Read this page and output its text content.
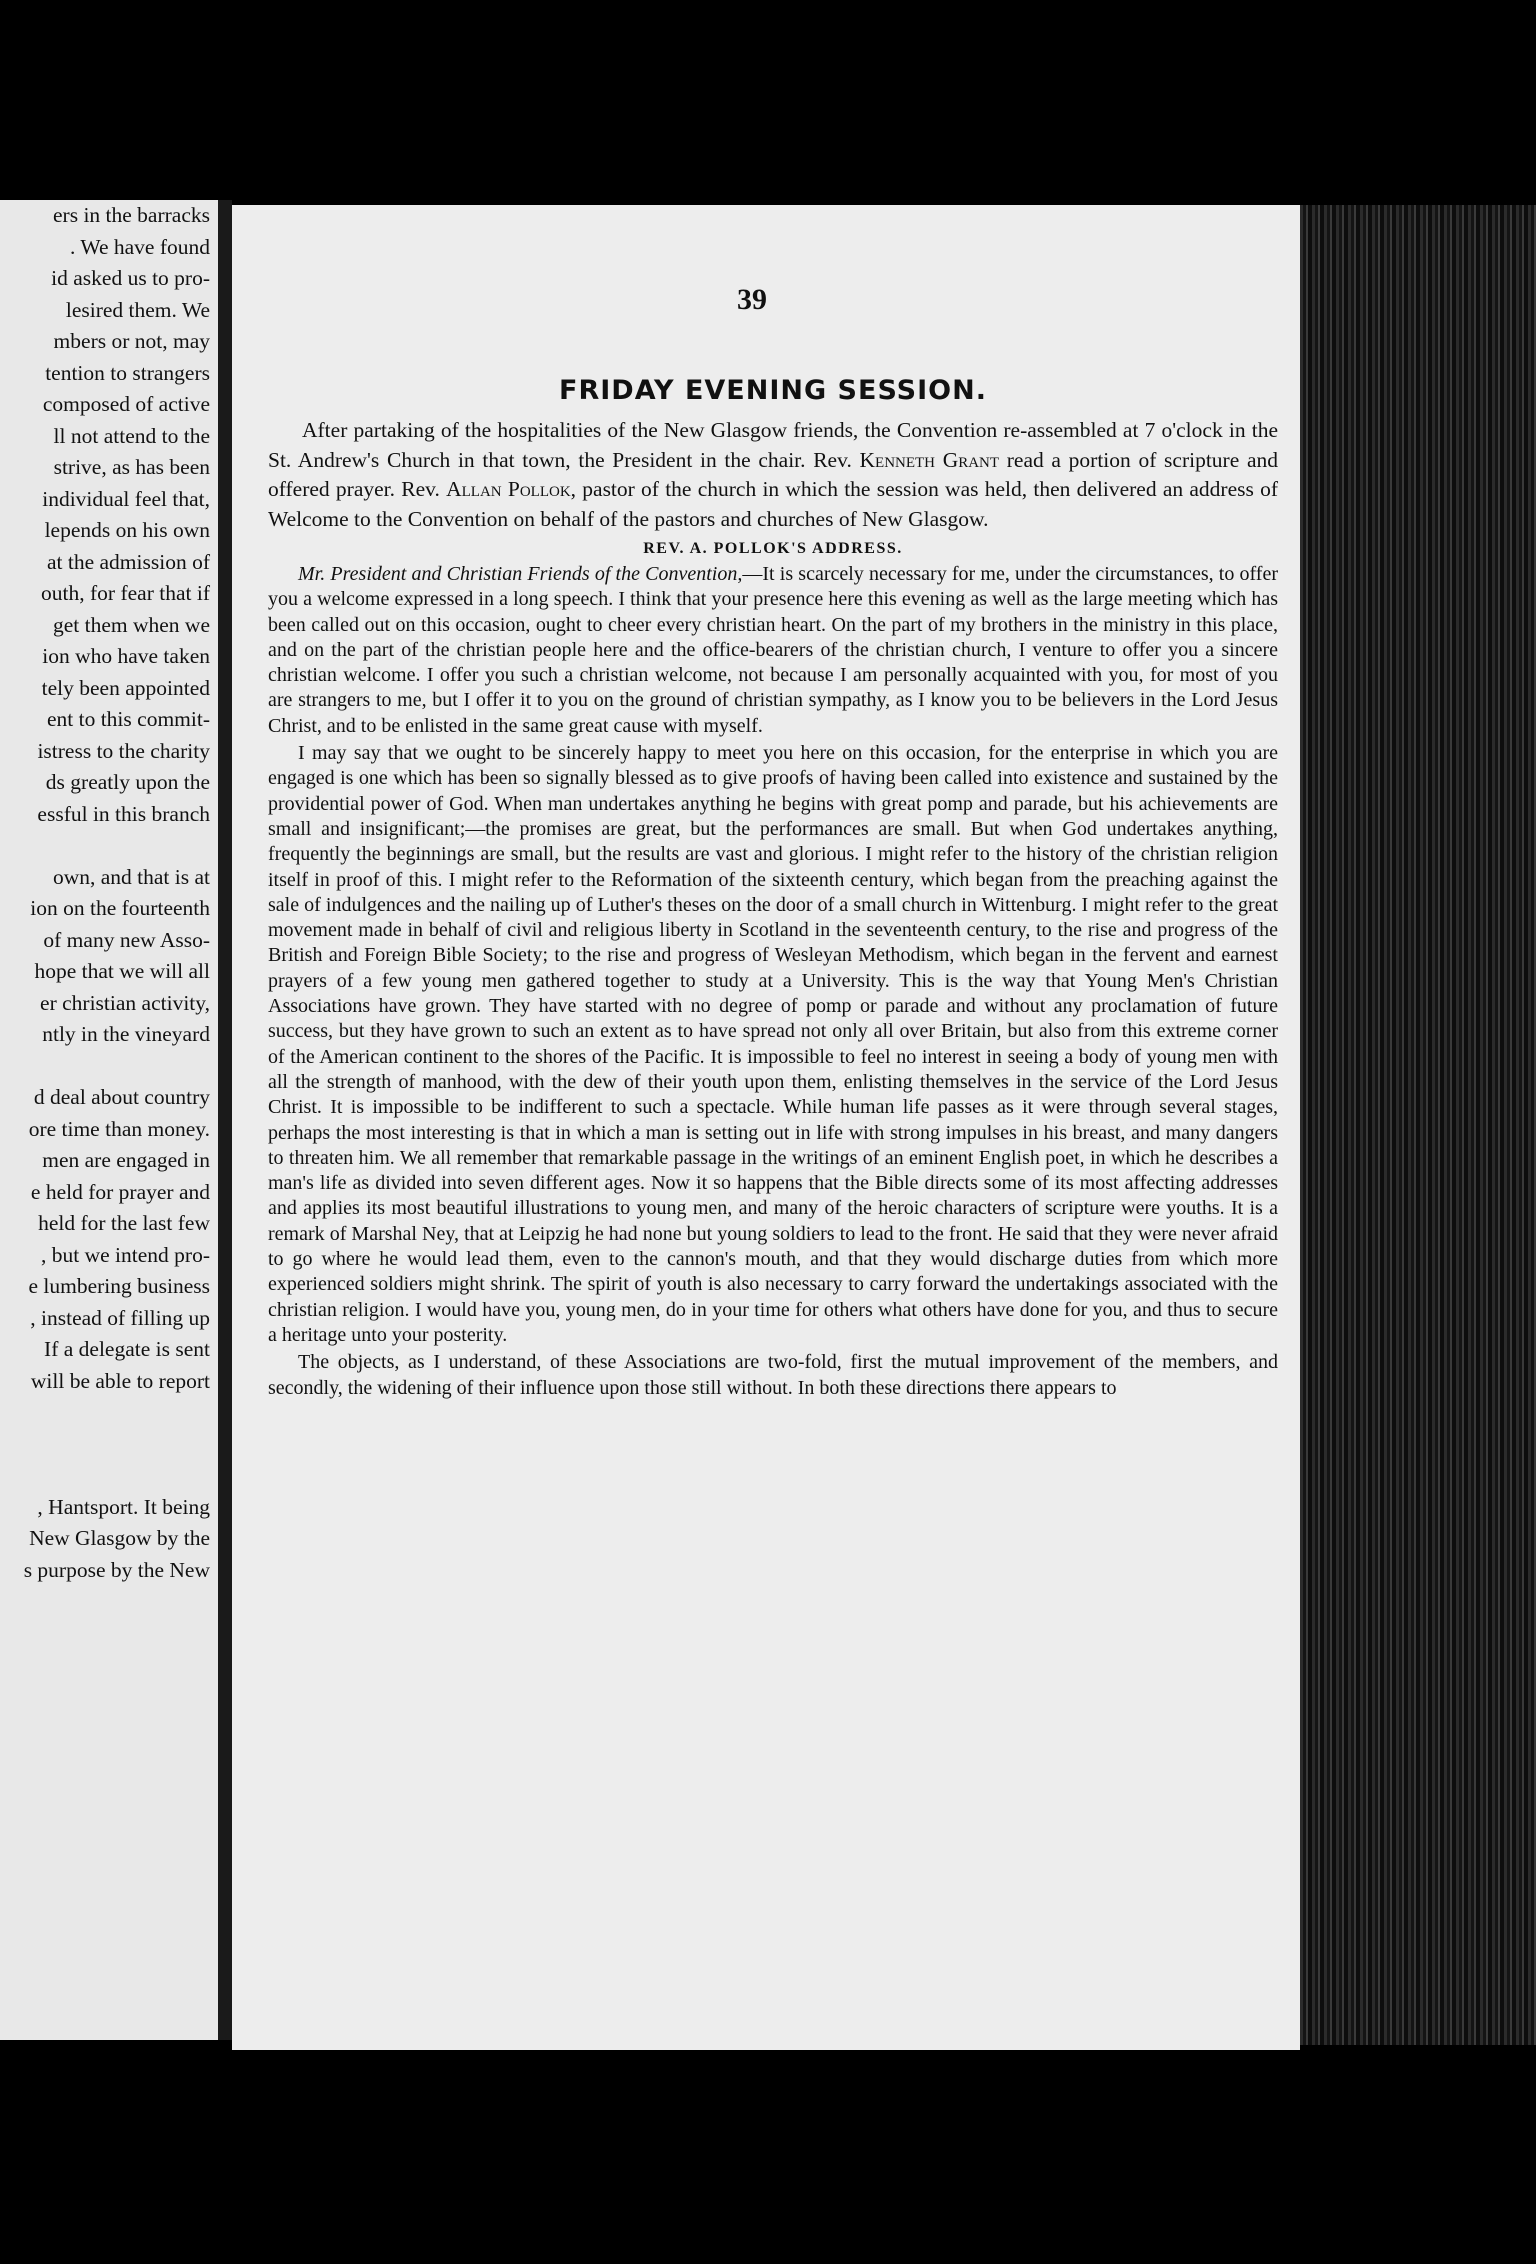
ers in the barracks
. We have found
id asked us to pro-
lesired them. We
mbers or not, may
tention to strangers
composed of active
ll not attend to the
strive, as has been
individual feel that,
lepends on his own
at the admission of
outh, for fear that if
get them when we
ion who have taken
tely been appointed
ent to this commit-
istress to the charity
ds greatly upon the
essful in this branch
own, and that is at
ion on the fourteenth
of many new Asso-
hope that we will all
er christian activity,
ntly in the vineyard
d deal about country
ore time than money.
men are engaged in
e held for prayer and
held for the last few
, but we intend pro-
e lumbering business
, instead of filling up
If a delegate is sent
will be able to report
, Hantsport. It being
New Glasgow by the
s purpose by the New
39
FRIDAY EVENING SESSION.

After partaking of the hospitalities of the New Glasgow friends, the Convention re-assembled at 7 o'clock in the St. Andrew's Church in that town, the President in the chair. Rev. Kenneth Grant read a portion of scripture and offered prayer. Rev. Allan Pollok, pastor of the church in which the session was held, then delivered an address of Welcome to the Convention on behalf of the pastors and churches of New Glasgow.

REV. A. POLLOK'S ADDRESS.

Mr. President and Christian Friends of the Convention,—It is scarcely necessary for me, under the circumstances, to offer you a welcome expressed in a long speech. I think that your presence here this evening as well as the large meeting which has been called out on this occasion, ought to cheer every christian heart. On the part of my brothers in the ministry in this place, and on the part of the christian people here and the office-bearers of the christian church, I venture to offer you a sincere christian welcome. I offer you such a christian welcome, not because I am personally acquainted with you, for most of you are strangers to me, but I offer it to you on the ground of christian sympathy, as I know you to be believers in the Lord Jesus Christ, and to be enlisted in the same great cause with myself.

I may say that we ought to be sincerely happy to meet you here on this occasion, for the enterprise in which you are engaged is one which has been so signally blessed as to give proofs of having been called into existence and sustained by the providential power of God. When man undertakes anything he begins with great pomp and parade, but his achievements are small and insignificant;—the promises are great, but the performances are small. But when God undertakes anything, frequently the beginnings are small, but the results are vast and glorious. I might refer to the history of the christian religion itself in proof of this. I might refer to the Reformation of the sixteenth century, which began from the preaching against the sale of indulgences and the nailing up of Luther's theses on the door of a small church in Wittenburg. I might refer to the great movement made in behalf of civil and religious liberty in Scotland in the seventeenth century, to the rise and progress of the British and Foreign Bible Society; to the rise and progress of Wesleyan Methodism, which began in the fervent and earnest prayers of a few young men gathered together to study at a University. This is the way that Young Men's Christian Associations have grown. They have started with no degree of pomp or parade and without any proclamation of future success, but they have grown to such an extent as to have spread not only all over Britain, but also from this extreme corner of the American continent to the shores of the Pacific. It is impossible to feel no interest in seeing a body of young men with all the strength of manhood, with the dew of their youth upon them, enlisting themselves in the service of the Lord Jesus Christ. It is impossible to be indifferent to such a spectacle. While human life passes as it were through several stages, perhaps the most interesting is that in which a man is setting out in life with strong impulses in his breast, and many dangers to threaten him. We all remember that remarkable passage in the writings of an eminent English poet, in which he describes a man's life as divided into seven different ages. Now it so happens that the Bible directs some of its most affecting addresses and applies its most beautiful illustrations to young men, and many of the heroic characters of scripture were youths. It is a remark of Marshal Ney, that at Leipzig he had none but young soldiers to lead to the front. He said that they were never afraid to go where he would lead them, even to the cannon's mouth, and that they would discharge duties from which more experienced soldiers might shrink. The spirit of youth is also necessary to carry forward the undertakings associated with the christian religion. I would have you, young men, do in your time for others what others have done for you, and thus to secure a heritage unto your posterity.

The objects, as I understand, of these Associations are two-fold, first the mutual improvement of the members, and secondly, the widening of their influence upon those still without. In both these directions there appears to
